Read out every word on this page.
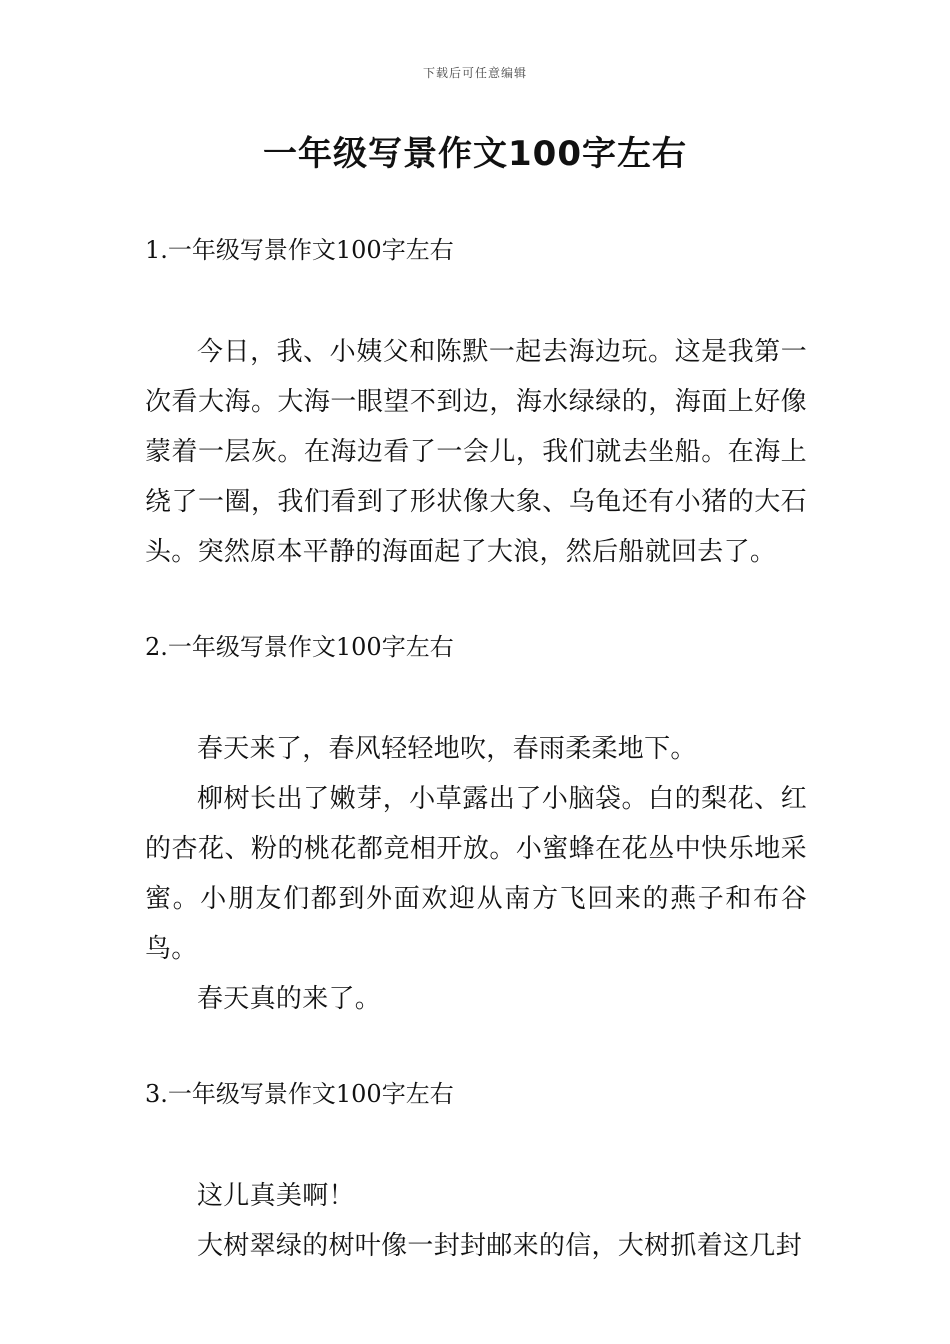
下载后可任意编辑
一年级写景作文100字左右
1.一年级写景作文100字左右

今日，我、小姨父和陈默一起去海边玩。这是我第一次看大海。大海一眼望不到边，海水绿绿的，海面上好像蒙着一层灰。在海边看了一会儿，我们就去坐船。在海上绕了一圈，我们看到了形状像大象、乌龟还有小猪的大石头。突然原本平静的海面起了大浪，然后船就回去了。

2.一年级写景作文100字左右

春天来了，春风轻轻地吹，春雨柔柔地下。

柳树长出了嫩芽，小草露出了小脑袋。白的梨花、红的杏花、粉的桃花都竞相开放。小蜜蜂在花丛中快乐地采蜜。小朋友们都到外面欢迎从南方飞回来的燕子和布谷鸟。

春天真的来了。

3.一年级写景作文100字左右

这儿真美啊！

大树翠绿的树叶像一封封邮来的信，大树抓着这几封
